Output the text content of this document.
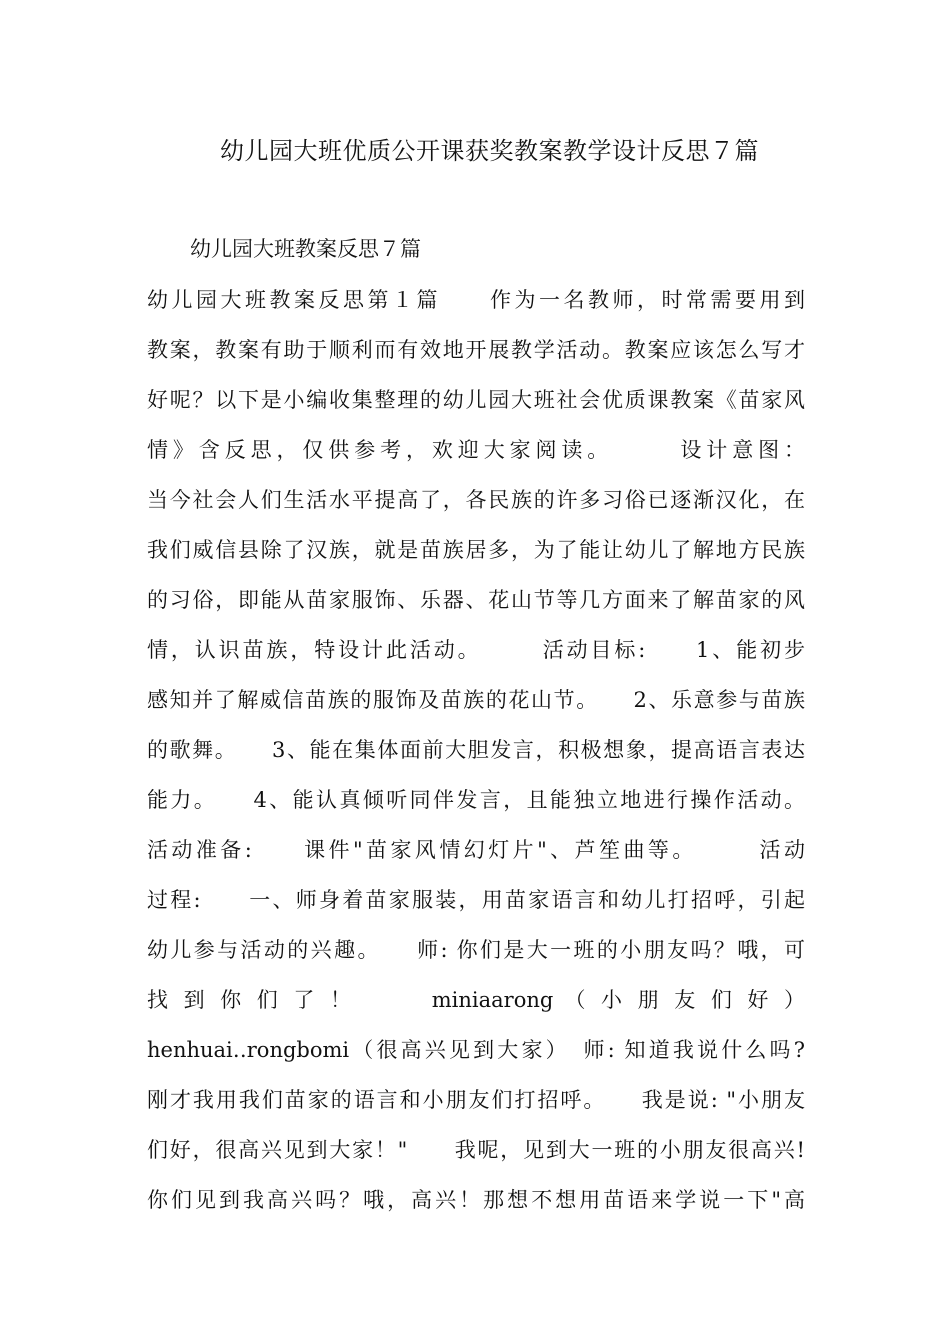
幼儿园大班优质公开课获奖教案教学设计反思７篇
幼儿园大班教案反思７篇
幼儿园大班教案反思第１篇　　作为一名教师，时常需要用到
教案，教案有助于顺利而有效地开展教学活动。教案应该怎么写才
好呢？以下是小编收集整理的幼儿园大班社会优质课教案《苗家风
情》含反思，仅供参考，欢迎大家阅读。　　　设计意图：
当今社会人们生活水平提高了，各民族的许多习俗已逐渐汉化，在
我们威信县除了汉族，就是苗族居多，为了能让幼儿了解地方民族
的习俗，即能从苗家服饰、乐器、花山节等几方面来了解苗家的风
情，认识苗族，特设计此活动。　　　活动目标:　　1、能初步
感知并了解威信苗族的服饰及苗族的花山节。　　2、乐意参与苗族
的歌舞。　　3、能在集体面前大胆发言，积极想象，提高语言表达
能力。　　4、能认真倾听同伴发言，且能独立地进行操作活动。
活动准备:　　课件"苗家风情幻灯片"、芦笙曲等。　　　活动
过程:　　一、师身着苗家服装，用苗家语言和幼儿打招呼，引起
幼儿参与活动的兴趣。　　师: 你们是大一班的小朋友吗？哦，可
找 到 你 们 了 ！　　　miniaarong （ 小 朋 友 们 好 ）
henhuai‥rongbomi（很高兴见到大家）　师: 知道我说什么吗?
刚才我用我们苗家的语言和小朋友们打招呼。　　我是说: "小朋友
们好，很高兴见到大家！"　　我呢，见到大一班的小朋友很高兴!
你们见到我高兴吗？哦，高兴！那想不想用苗语来学说一下"高
